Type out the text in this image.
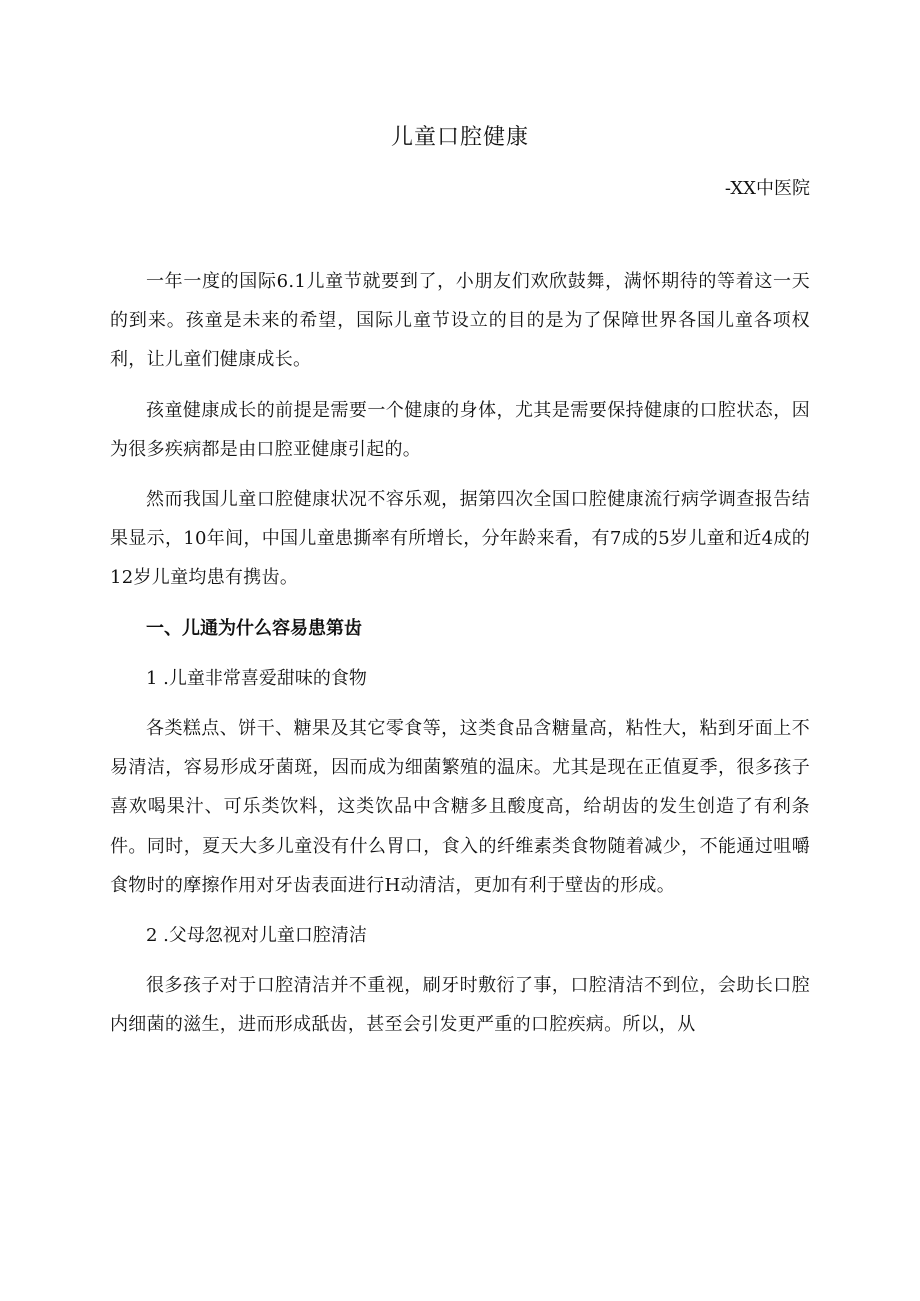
儿童口腔健康
-XX中医院

一年一度的国际6.1儿童节就要到了，小朋友们欢欣鼓舞，满怀期待的等着这一天的到来。孩童是未来的希望，国际儿童节设立的目的是为了保障世界各国儿童各项权利，让儿童们健康成长。

孩童健康成长的前提是需要一个健康的身体，尤其是需要保持健康的口腔状态，因为很多疾病都是由口腔亚健康引起的。

然而我国儿童口腔健康状况不容乐观，据第四次全国口腔健康流行病学调查报告结果显示，10年间，中国儿童患撕率有所增长，分年龄来看，有7成的5岁儿童和近4成的12岁儿童均患有携齿。

一、儿通为什么容易患第齿

1 .儿童非常喜爱甜味的食物

各类糕点、饼干、糖果及其它零食等，这类食品含糖量高，粘性大，粘到牙面上不易清洁，容易形成牙菌斑，因而成为细菌繁殖的温床。尤其是现在正值夏季，很多孩子喜欢喝果汁、可乐类饮料，这类饮品中含糖多且酸度高，给胡齿的发生创造了有利条件。同时，夏天大多儿童没有什么胃口，食入的纤维素类食物随着减少，不能通过咀嚼食物时的摩擦作用对牙齿表面进行H动清洁，更加有利于壁齿的形成。

2 .父母忽视对儿童口腔清洁

很多孩子对于口腔清洁并不重视，刷牙时敷衍了事，口腔清洁不到位，会助长口腔内细菌的滋生，进而形成舐齿，甚至会引发更严重的口腔疾病。所以，从
